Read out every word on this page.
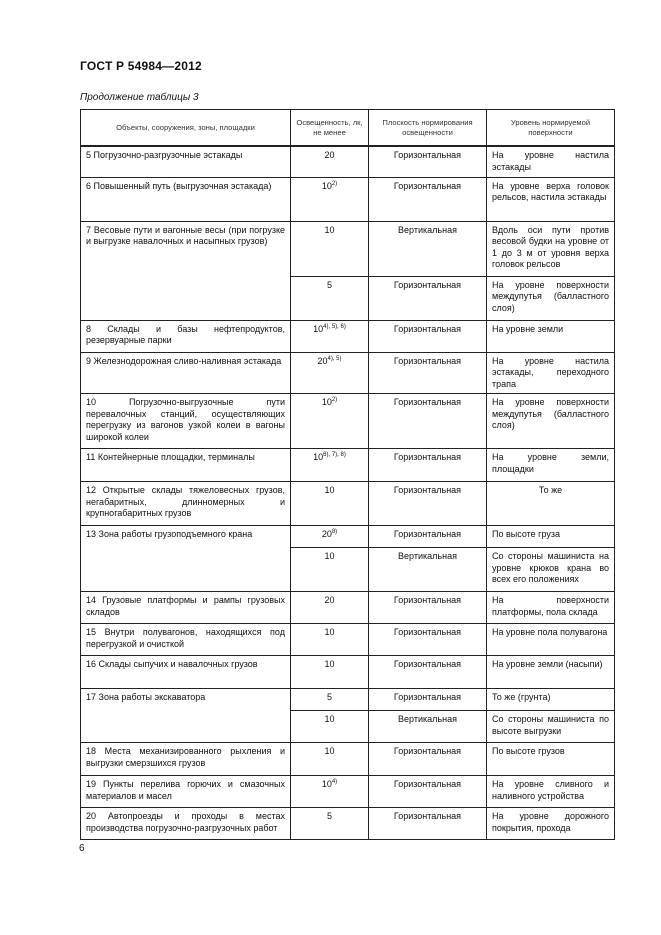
ГОСТ Р 54984—2012
Продолжение таблицы 3
Объекты, сооружения, зоны, площадки	Освещенность, лк, не менее	Плоскость нормирования освещенности	Уровень нормируемой поверхности
5 Погрузочно-разгрузочные эстакады	20	Горизонтальная	На уровне настила эстакады
6 Повышенный путь (выгрузочная эстакада)	10$^{2)}$	Горизонтальная	На уровне верха головок рельсов, настила эстакады
7 Весовые пути и вагонные весы (при погрузке и выгрузке навалочных и насыпных грузов)	10	Вертикальная	Вдоль оси пути против весовой будки на уровне от 1 до 3 м от уровня верха головок рельсов
	5	Горизонтальная	На уровне поверхности междупутья (балластного слоя)
8 Склады и базы нефтепродуктов, резервуарные парки	$10^{4), 5), 6)}$	Горизонтальная	На уровне земли
9 Железнодорожная сливо-наливная эстакада	$20^{4), 5)}$	Горизонтальная	На уровне настила эстакады, переходного трапа
10 Погрузочно-выгрузочные пути перевалочных станций, осуществляющих перегрузку из вагонов узкой колеи в вагоны широкой колеи	10$^{2)}$	Горизонтальная	На уровне поверхности междупутья (балластного слоя)
11 Контейнерные площадки, терминалы	$10^{6), 7), 8)}$	Горизонтальная	На уровне земли, площадки
12 Открытые склады тяжеловесных грузов, негабаритных, длинномерных и крупногабаритных грузов	10	Горизонтальная	То же
13 Зона работы грузоподъемного крана	20$^{8)}$	Горизонтальная	По высоте груза
	10	Вертикальная	Со стороны машиниста на уровне крюков крана во всех его положениях
14 Грузовые платформы и рампы грузовых складов	20	Горизонтальная	На поверхности платформы, пола склада
15 Внутри полувагонов, находящихся под перегрузкой и очисткой	10	Горизонтальная	На уровне пола полувагона
16 Склады сыпучих и навалочных грузов	10	Горизонтальная	На уровне земли (насыпи)
17 Зона работы экскаватора	5	Горизонтальная	То же (грунта)
	10	Вертикальная	Со стороны машиниста по высоте выгрузки
18 Места механизированного рыхления и выгрузки смерзшихся грузов	10	Горизонтальная	По высоте грузов
19 Пункты перелива горючих и смазочных материалов и масел	10$^{4)}$	Горизонтальная	На уровне сливного и наливного устройства
20 Автопроезды и проходы в местах производства погрузочно-разгрузочных работ	5	Горизонтальная	На уровне дорожного покрытия, прохода
6
